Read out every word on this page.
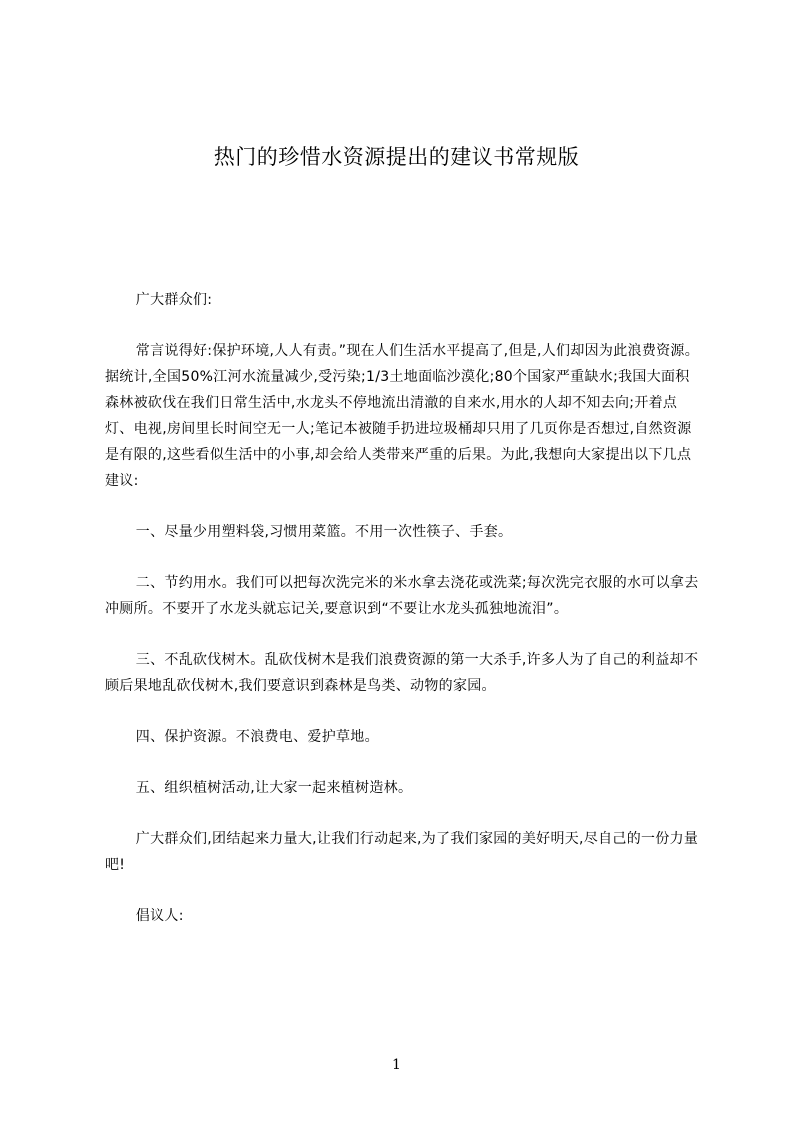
热门的珍惜水资源提出的建议书常规版

广大群众们:

常言说得好:保护环境,人人有责。”现在人们生活水平提高了,但是,人们却因为此浪费资源。据统计,全国50%江河水流量减少,受污染;1/3土地面临沙漠化;80个国家严重缺水;我国大面积森林被砍伐在我们日常生活中,水龙头不停地流出清澈的自来水,用水的人却不知去向;开着点灯、电视,房间里长时间空无一人;笔记本被随手扔进垃圾桶却只用了几页你是否想过,自然资源是有限的,这些看似生活中的小事,却会给人类带来严重的后果。为此,我想向大家提出以下几点建议:

一、尽量少用塑料袋,习惯用菜篮。不用一次性筷子、手套。

二、节约用水。我们可以把每次洗完米的米水拿去浇花或洗菜;每次洗完衣服的水可以拿去冲厕所。不要开了水龙头就忘记关,要意识到“不要让水龙头孤独地流泪”。

三、不乱砍伐树木。乱砍伐树木是我们浪费资源的第一大杀手,许多人为了自己的利益却不顾后果地乱砍伐树木,我们要意识到森林是鸟类、动物的家园。

四、保护资源。不浪费电、爱护草地。

五、组织植树活动,让大家一起来植树造林。

广大群众们,团结起来力量大,让我们行动起来,为了我们家园的美好明天,尽自己的一份力量吧!

倡议人:

1
